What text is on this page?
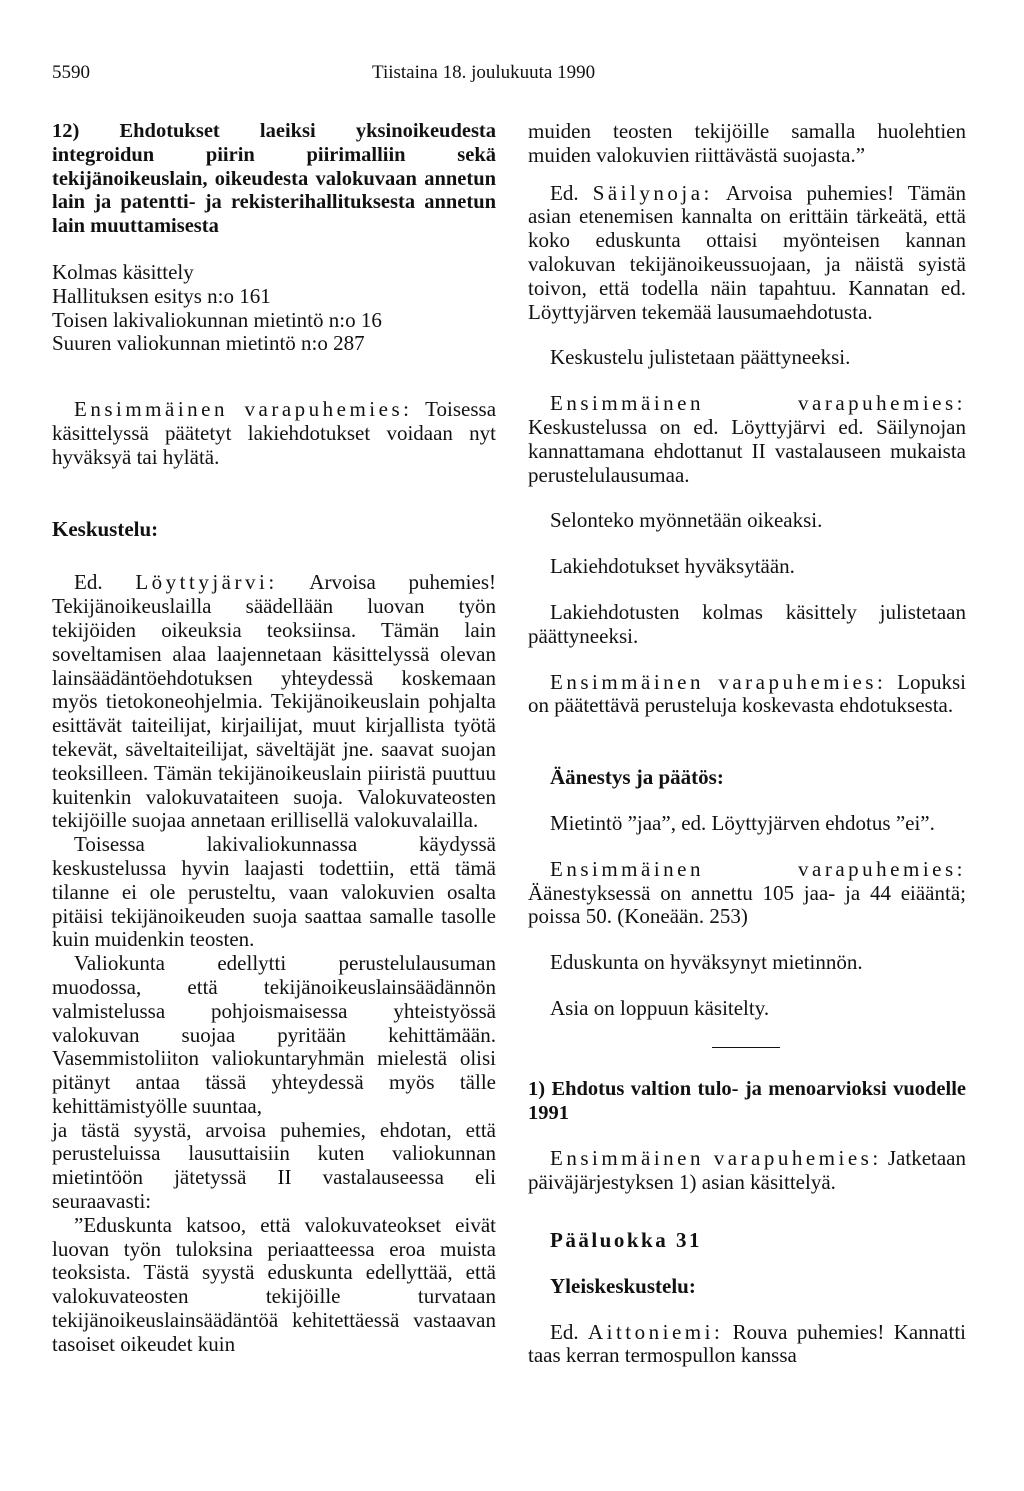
5590	Tiistaina 18. joulukuuta 1990

12) Ehdotukset laeiksi yksinoikeudesta integroidun piirin piirimalliin sekä tekijänoikeuslain, oikeudesta valokuvaan annetun lain ja patentti- ja rekisterihallituksesta annetun lain muuttamisesta

Kolmas käsittely

Hallituksen esitys n:o 161

Toisen lakivaliokunnan mietintö n:o 16

Suuren valiokunnan mietintö n:o 287

Ensimmäinen varapuhemies: Toisessa käsittelyssä päätetyt lakiehdotukset voidaan nyt hyväksyä tai hylätä.

Keskustelu:

Ed. Löyttyjärvi: Arvoisa puhemies! Tekijänoikeuslailla säädellään luovan työn tekijöiden oikeuksia teoksiinsa. Tämän lain soveltamisen alaa laajennetaan käsittelyssä olevan lainsäädäntöehdotuksen yhteydessä koskemaan myös tietokoneohjelmia. Tekijänoikeuslain pohjalta esittävät taiteilijat, kirjailijat, muut kirjallista työtä tekevät, säveltaiteilijat, säveltäjät jne. saavat suojan teoksilleen. Tämän tekijänoikeuslain piiristä puuttuu kuitenkin valokuvataiteen suoja. Valokuvateosten tekijöille suojaa annetaan erillisellä valokuvalailla.

Toisessa lakivaliokunnassa käydyssä keskustelussa hyvin laajasti todettiin, että tämä tilanne ei ole perusteltu, vaan valokuvien osalta pitäisi tekijänoikeuden suoja saattaa samalle tasolle kuin muidenkin teosten.

Valiokunta edellytti perustelulausuman muodossa, että tekijänoikeuslainsäädännön valmistelussa pohjoismaisessa yhteistyössä valokuvan suojaa pyritään kehittämään. Vasemmistoliiton valiokuntaryhmän mielestä olisi pitänyt antaa tässä yhteydessä myös tälle kehittämistyölle suuntaa,

ja tästä syystä, arvoisa puhemies, ehdotan, että perusteluissa lausuttaisiin kuten valiokunnan mietintöön jätetyssä II vastalauseessa eli seuraavasti:

”Eduskunta katsoo, että valokuvateokset eivät luovan työn tuloksina periaatteessa eroa muista teoksista. Tästä syystä eduskunta edellyttää, että valokuvateosten tekijöille turvataan tekijänoikeuslainsäädäntöä kehitettäessä vastaavan tasoiset oikeudet kuin

muiden teosten tekijöille samalla huolehtien muiden valokuvien riittävästä suojasta.”

Ed. Säilynoja: Arvoisa puhemies! Tämän asian etenemisen kannalta on erittäin tärkeätä, että koko eduskunta ottaisi myönteisen kannan valokuvan tekijänoikeussuojaan, ja näistä syistä toivon, että todella näin tapahtuu. Kannatan ed. Löyttyjärven tekemää lausumaehdotusta.

Keskustelu julistetaan päättyneeksi.

Ensimmäinen varapuhemies: Keskustelussa on ed. Löyttyjärvi ed. Säilynojan kannattamana ehdottanut II vastalauseen mukaista perustelulausumaa.

Selonteko myönnetään oikeaksi.

Lakiehdotukset hyväksytään.

Lakiehdotusten kolmas käsittely julistetaan päättyneeksi.

Ensimmäinen varapuhemies: Lopuksi on päätettävä perusteluja koskevasta ehdotuksesta.

Äänestys ja päätös:

Mietintö ”jaa”, ed. Löyttyjärven ehdotus ”ei”.

Ensimmäinen varapuhemies: Äänestyksessä on annettu 105 jaa- ja 44 eiääntä; poissa 50. (Koneään. 253)

Eduskunta on hyväksynyt mietinnön.

Asia on loppuun käsitelty.

1) Ehdotus valtion tulo- ja menoarvioksi vuodelle 1991

Ensimmäinen varapuhemies: Jatketaan päiväjärjestyksen 1) asian käsittelyä.

Pääluokka 31

Yleiskeskustelu:

Ed. Aittoniemi: Rouva puhemies! Kannatti taas kerran termospullon kanssa
